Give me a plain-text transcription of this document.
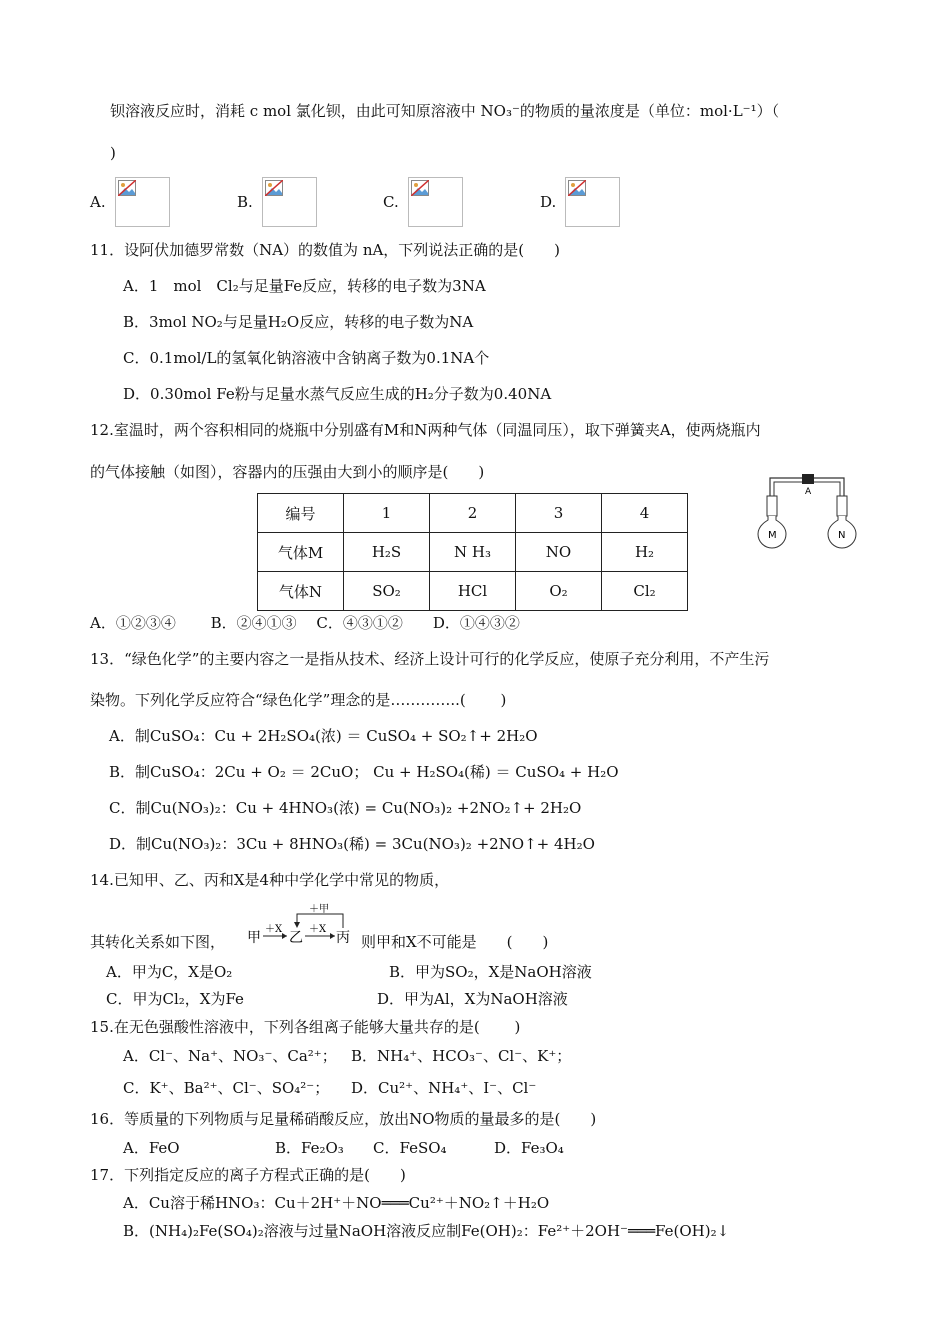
钡溶液反应时，消耗 c mol 氯化钡，由此可知原溶液中 NO₃⁻的物质的量浓度是（单位：mol·L⁻¹）（
)
A.	B.	C.	D.
11．设阿伏加德罗常数（NA）的数值为 nA，下列说法正确的是(　　)
A．1　mol　Cl₂与足量Fe反应，转移的电子数为3NA
B．3mol NO₂与足量H₂O反应，转移的电子数为NA
C．0.1mol/L的氢氧化钠溶液中含钠离子数为0.1NA个
D．0.30mol Fe粉与足量水蒸气反应生成的H₂分子数为0.40NA
12.室温时，两个容积相同的烧瓶中分别盛有M和N两种气体（同温同压），取下弹簧夹A，使两烧瓶内
的气体接触（如图），容器内的压强由大到小的顺序是(　　)
编号	1	2	3	4
气体M	H₂S	N H₃	NO	H₂
气体N	SO₂	HCl	O₂	Cl₂
A
M	N
A．①②③④　　 B．②④①③　 C．④③①②　　D．①④③②
13．“绿色化学”的主要内容之一是指从技术、经济上设计可行的化学反应，使原子充分利用，不产生污
染物。下列化学反应符合“绿色化学”理念的是…………..(　　 )
A．制CuSO₄：Cu + 2H₂SO₄(浓) ＝ CuSO₄ + SO₂↑+ 2H₂O
B．制CuSO₄：2Cu + O₂ ＝ 2CuO； Cu + H₂SO₄(稀) ＝ CuSO₄ + H₂O
C．制Cu(NO₃)₂：Cu + 4HNO₃(浓) = Cu(NO₃)₂ +2NO₂↑+ 2H₂O
D．制Cu(NO₃)₂：3Cu + 8HNO₃(稀) = 3Cu(NO₃)₂ +2NO↑+ 4H₂O
14.已知甲、乙、丙和X是4种中学化学中常见的物质，
其转化关系如下图， 甲
＋X
乙
＋X
丙
＋甲
则甲和X不可能是　　(　　)
A．甲为C，X是O₂	B．甲为SO₂，X是NaOH溶液
C．甲为Cl₂，X为Fe	D．甲为Al，X为NaOH溶液
15.在无色强酸性溶液中，下列各组离子能够大量共存的是(　　 )
A．Cl⁻、Na⁺、NO₃⁻、Ca²⁺； B．NH₄⁺、HCO₃⁻、Cl⁻、K⁺；
C．K⁺、Ba²⁺、Cl⁻、SO₄²⁻； D．Cu²⁺、NH₄⁺、I⁻、Cl⁻
16．等质量的下列物质与足量稀硝酸反应，放出NO物质的量最多的是(　　)
A．FeO	B．Fe₂O₃ C．FeSO₄	D．Fe₃O₄
17．下列指定反应的离子方程式正确的是(　　)
A．Cu溶于稀HNO₃：Cu＋2H⁺＋NO═══Cu²⁺＋NO₂↑＋H₂O
B．(NH₄)₂Fe(SO₄)₂溶液与过量NaOH溶液反应制Fe(OH)₂：Fe²⁺＋2OH⁻═══Fe(OH)₂↓
